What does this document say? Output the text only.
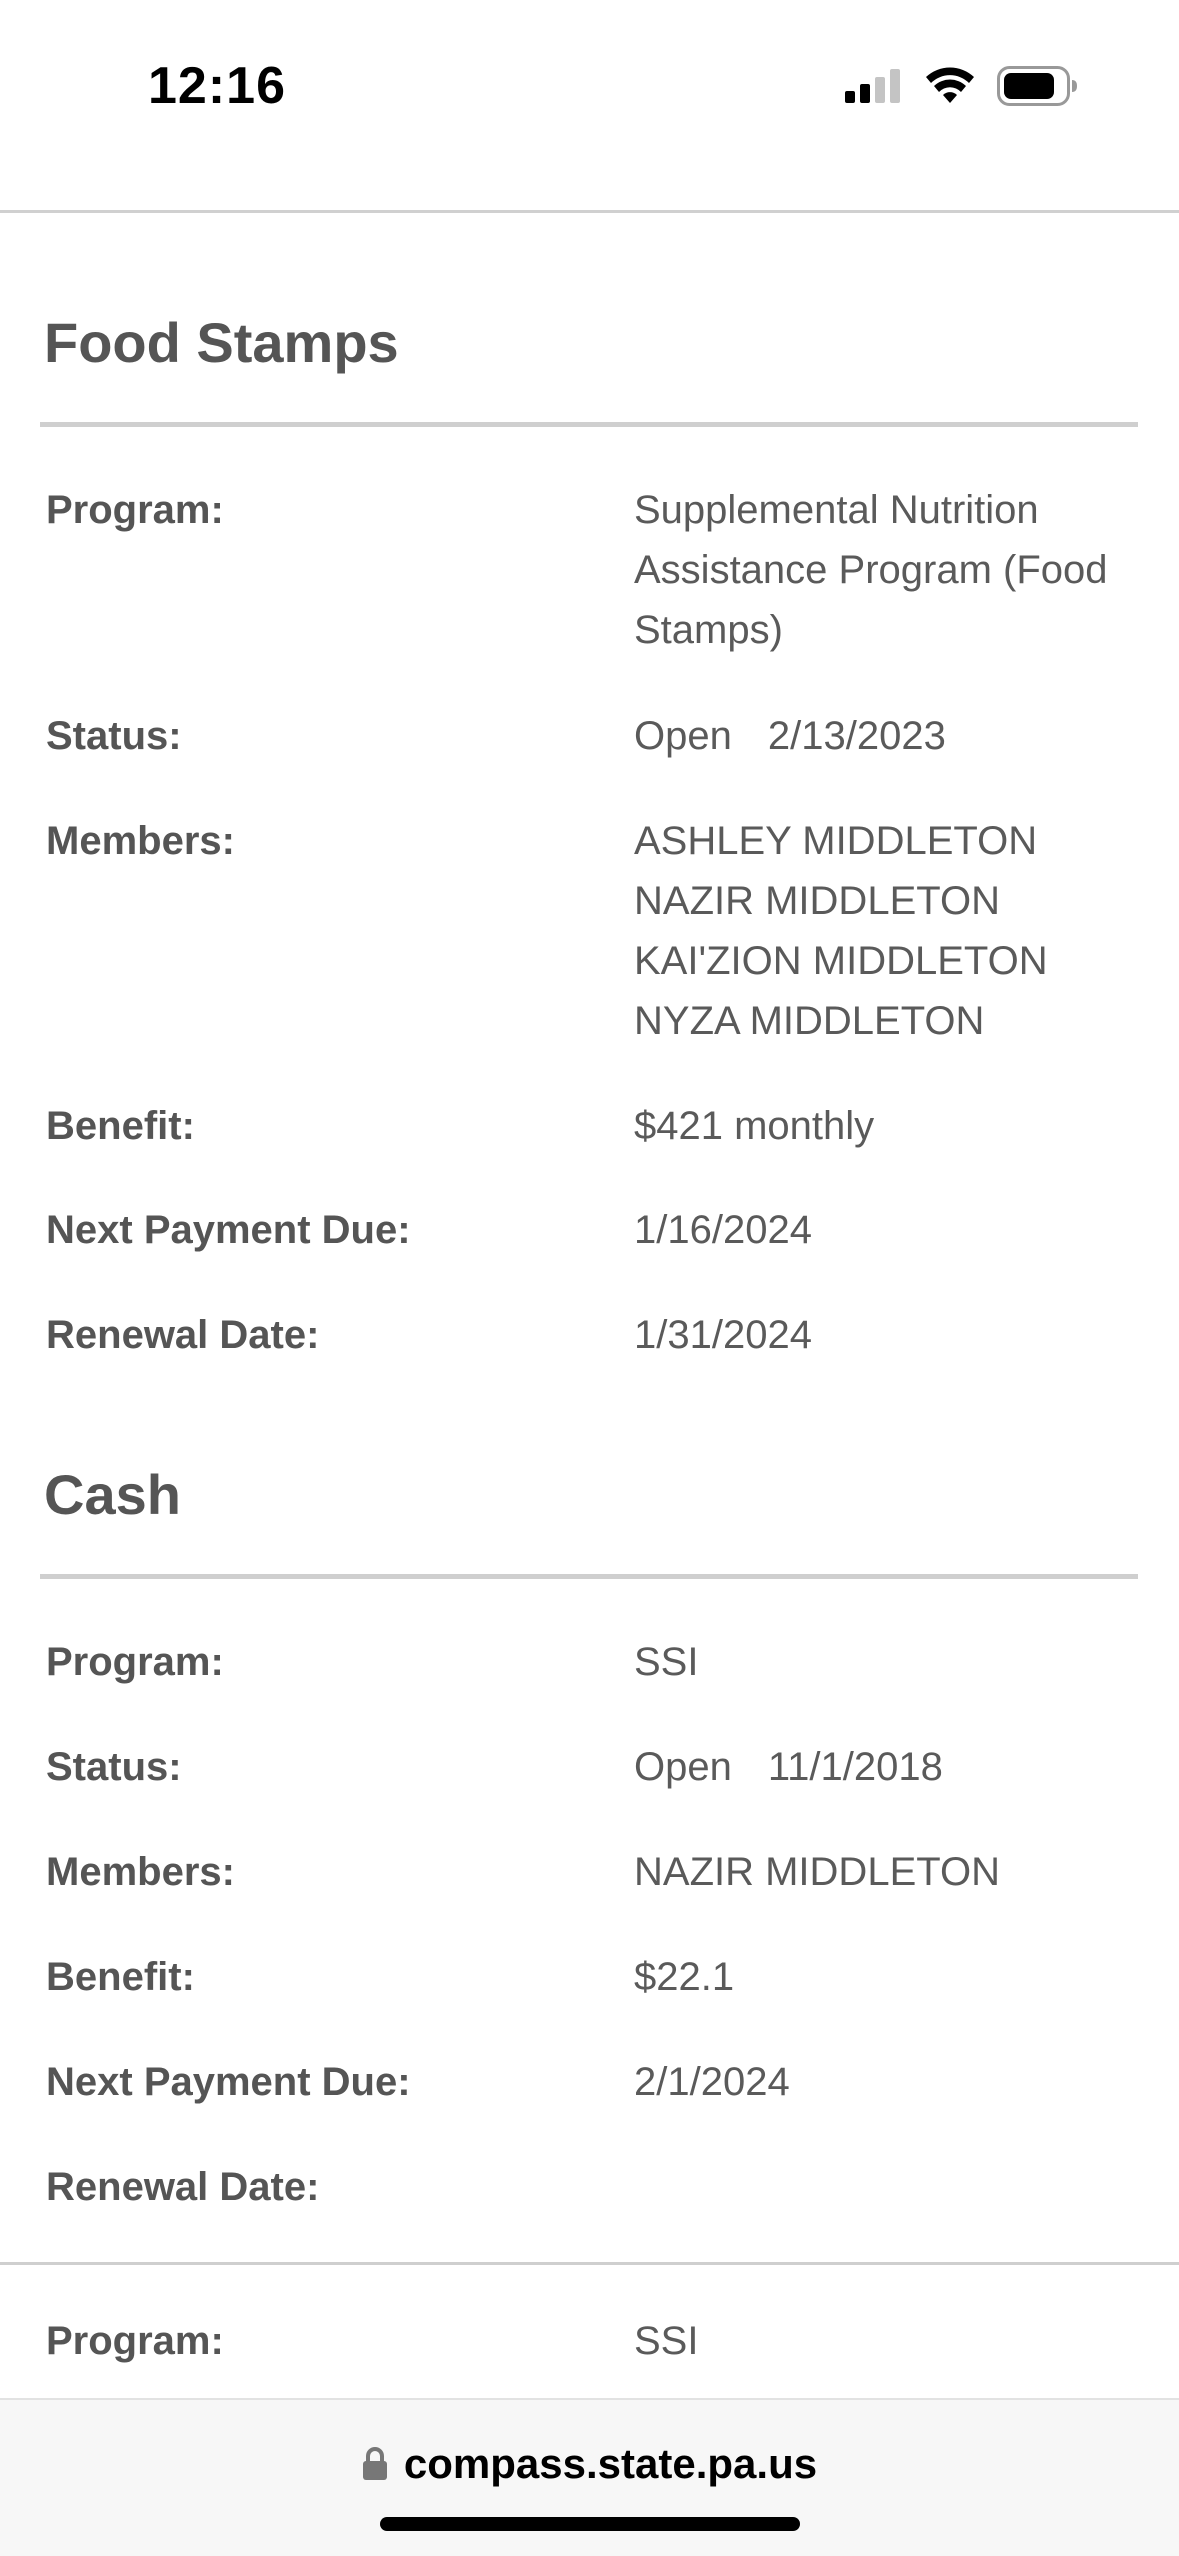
12:16
Food Stamps
Program:	Supplemental Nutrition Assistance Program (Food Stamps)
Status:	Open 2/13/2023
Members:	ASHLEY MIDDLETON
NAZIR MIDDLETON
KAI'ZION MIDDLETON
NYZA MIDDLETON
Benefit:	$421 monthly
Next Payment Due:	1/16/2024
Renewal Date:	1/31/2024
Cash
Program:	SSI
Status:	Open 11/1/2018
Members:	NAZIR MIDDLETON
Benefit:	$22.1
Next Payment Due:	2/1/2024
Renewal Date:
Program:	SSI
compass.state.pa.us
